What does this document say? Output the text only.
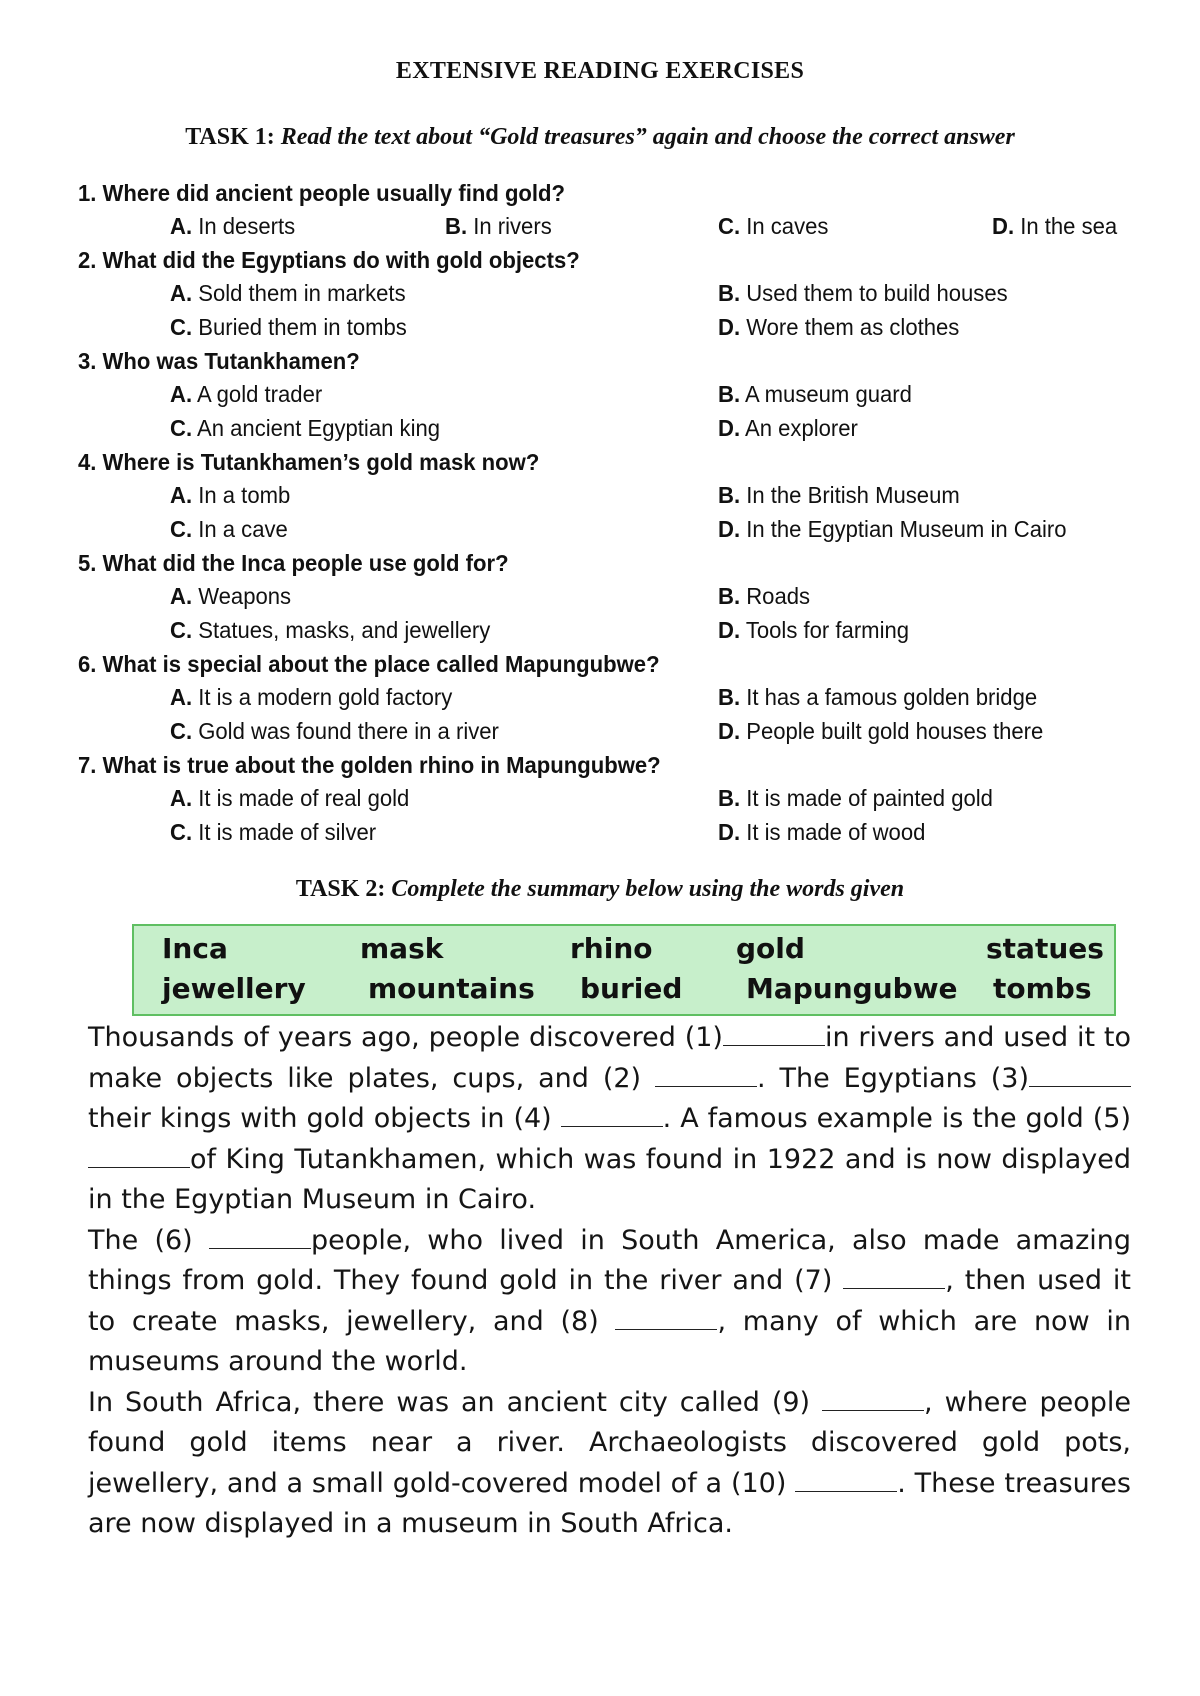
EXTENSIVE READING EXERCISES
TASK 1: Read the text about “Gold treasures” again and choose the correct answer
1. Where did ancient people usually find gold?
A. In deserts	B. In rivers	C. In caves	D. In the sea
2. What did the Egyptians do with gold objects?
A. Sold them in markets	B. Used them to build houses
C. Buried them in tombs	D. Wore them as clothes
3. Who was Tutankhamen?
A. A gold trader	B. A museum guard
C. An ancient Egyptian king	D. An explorer
4. Where is Tutankhamen’s gold mask now?
A. In a tomb	B. In the British Museum
C. In a cave	D. In the Egyptian Museum in Cairo
5. What did the Inca people use gold for?
A. Weapons	B. Roads
C. Statues, masks, and jewellery	D. Tools for farming
6. What is special about the place called Mapungubwe?
A. It is a modern gold factory	B. It has a famous golden bridge
C. Gold was found there in a river	D. People built gold houses there
7. What is true about the golden rhino in Mapungubwe?
A. It is made of real gold	B. It is made of painted gold
C. It is made of silver	D. It is made of wood
TASK 2: Complete the summary below using the words given
Inca	mask	rhino	gold	statues
jewellery mountains buried Mapungubwe tombs

Thousands of years ago, people discovered (1)	in rivers and used it to make objects like plates, cups, and (2)	. The Egyptians (3)their kings with gold objects in (4)	. A famous example is the gold (5)of King Tutankhamen, which was found in 1922 and is now displayed in the Egyptian Museum in Cairo.

The (6)	people, who lived in South America, also made amazing things from gold. They found gold in the river and (7)	, then used it to create masks, jewellery, and (8)	, many of which are now in museums around the world.

In South Africa, there was an ancient city called (9)	, where people found gold items near a river. Archaeologists discovered gold pots, jewellery, and a small gold-covered model of a (10)	. These treasures are now displayed in a museum in South Africa.
